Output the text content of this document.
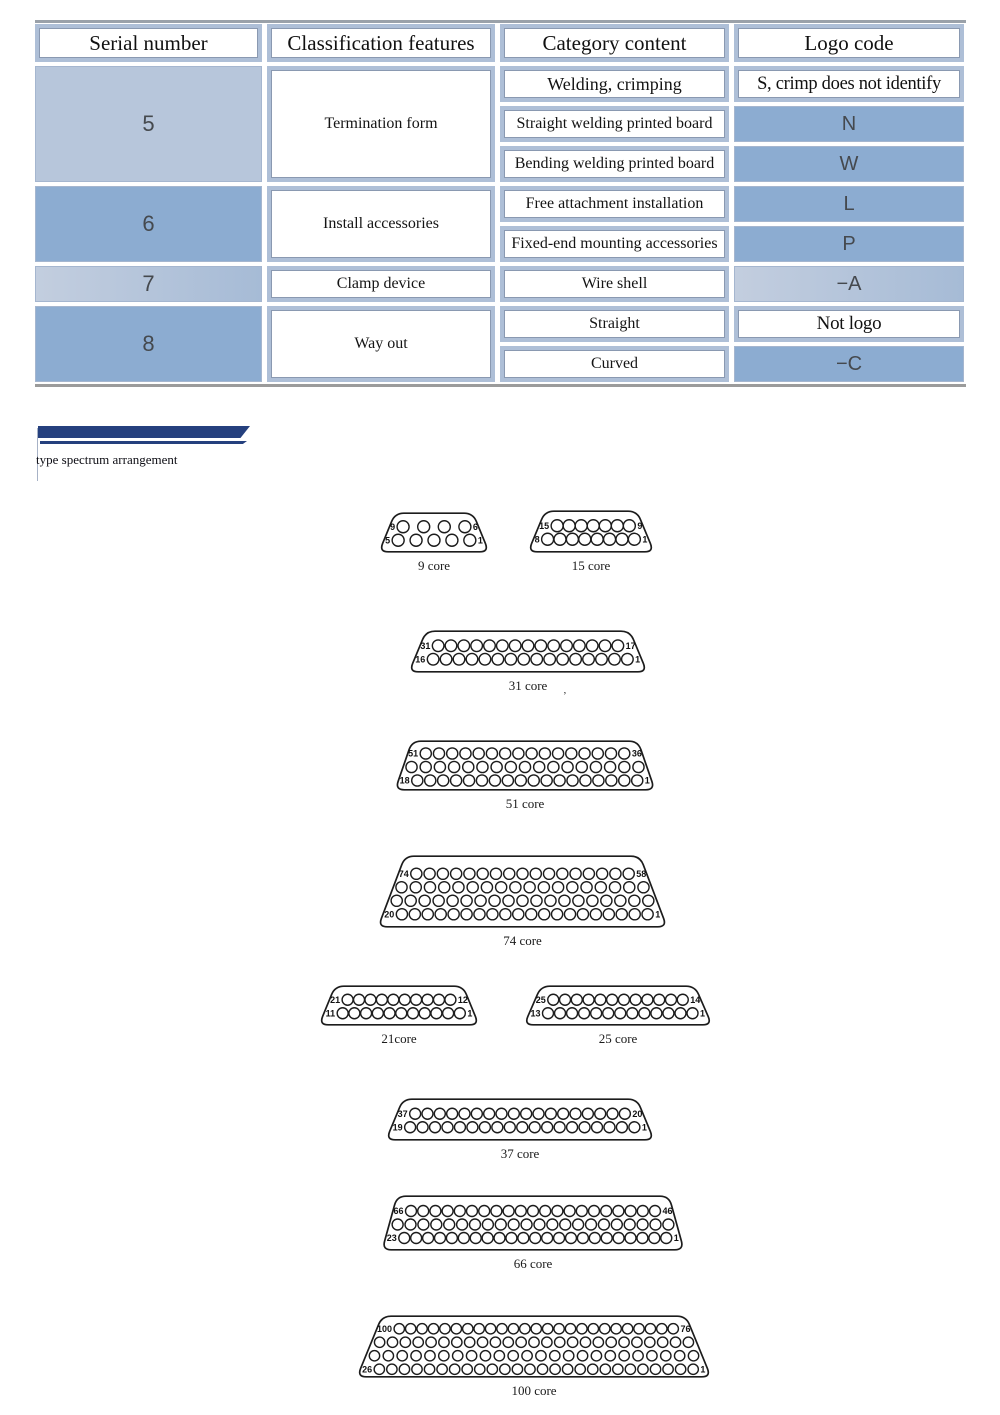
Serial number	Classification features	Category content	Logo code
5	Termination form
Welding, crimping	S, crimp does not identify
Straight welding printed board	N
Bending welding printed board	W
6	Install accessories
Free attachment installation	L
Fixed-end mounting accessories	P
7	Clamp device	Wire shell	−A
8	Way out
Straight	Not logo
Curved	−C
type spectrum arrangement
’
9	6
5	1
9 core
15	9
8	1
15 core
31	17
16	1
31 core
51	36
18	1
51 core
74	58
20	1
74 core
21	12
11	1
21core
25	14
13	1
25 core
37	20
19	1
37 core
66	46
23	1
66 core
100	76
26	1
100 core
